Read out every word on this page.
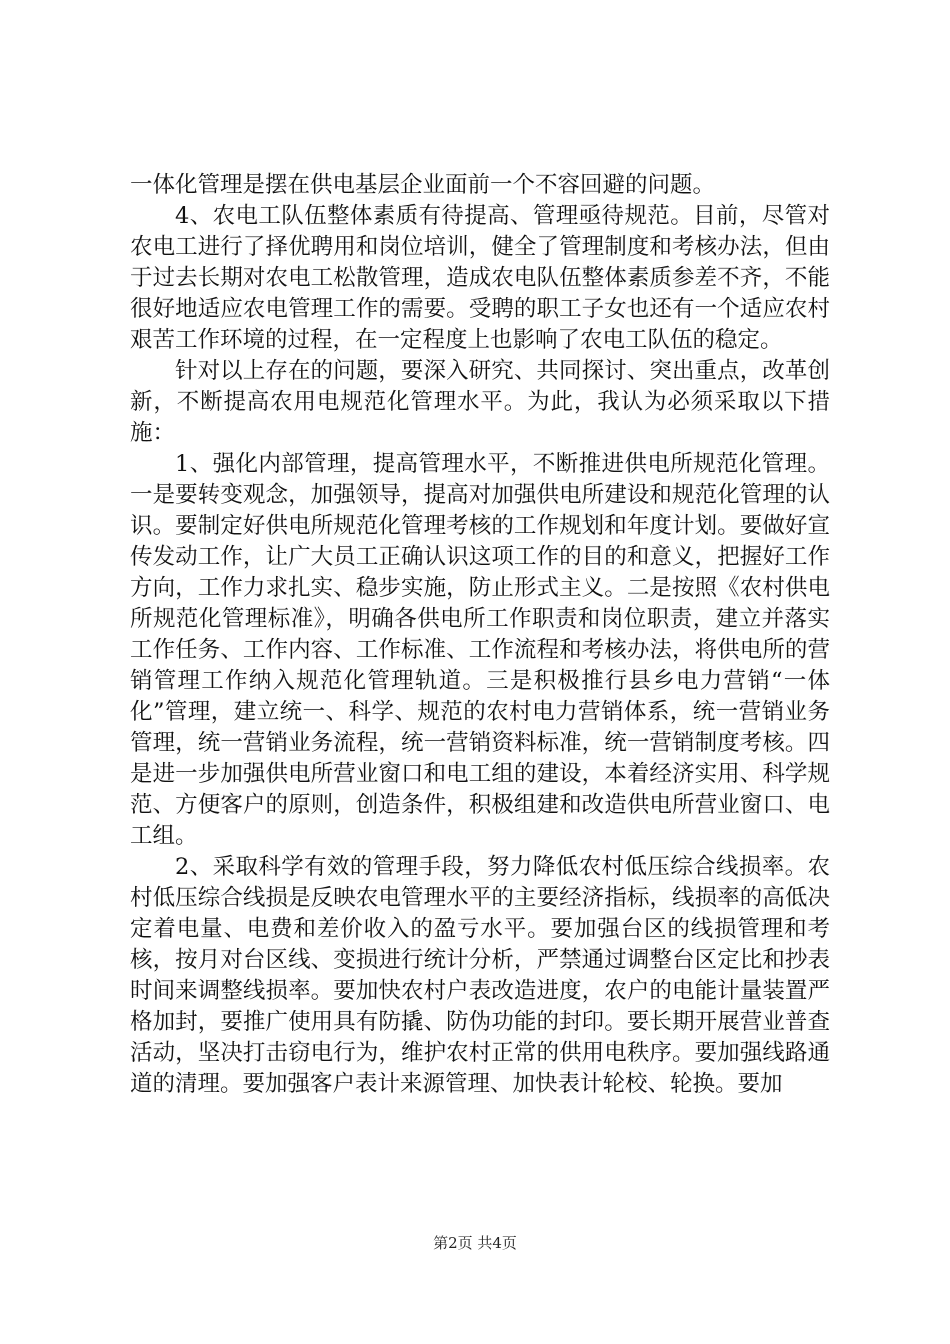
一体化管理是摆在供电基层企业面前一个不容回避的问题。

4、农电工队伍整体素质有待提高、管理亟待规范。目前，尽管对农电工进行了择优聘用和岗位培训，健全了管理制度和考核办法，但由于过去长期对农电工松散管理，造成农电队伍整体素质参差不齐，不能很好地适应农电管理工作的需要。受聘的职工子女也还有一个适应农村艰苦工作环境的过程，在一定程度上也影响了农电工队伍的稳定。

针对以上存在的问题，要深入研究、共同探讨、突出重点，改革创新，不断提高农用电规范化管理水平。为此，我认为必须采取以下措施：

1、强化内部管理，提高管理水平，不断推进供电所规范化管理。一是要转变观念，加强领导，提高对加强供电所建设和规范化管理的认识。要制定好供电所规范化管理考核的工作规划和年度计划。要做好宣传发动工作，让广大员工正确认识这项工作的目的和意义，把握好工作方向，工作力求扎实、稳步实施，防止形式主义。二是按照《农村供电所规范化管理标准》，明确各供电所工作职责和岗位职责，建立并落实工作任务、工作内容、工作标准、工作流程和考核办法，将供电所的营销管理工作纳入规范化管理轨道。三是积极推行县乡电力营销“一体化”管理，建立统一、科学、规范的农村电力营销体系，统一营销业务管理，统一营销业务流程，统一营销资料标准，统一营销制度考核。四是进一步加强供电所营业窗口和电工组的建设，本着经济实用、科学规范、方便客户的原则，创造条件，积极组建和改造供电所营业窗口、电工组。

2、采取科学有效的管理手段，努力降低农村低压综合线损率。农村低压综合线损是反映农电管理水平的主要经济指标，线损率的高低决定着电量、电费和差价收入的盈亏水平。要加强台区的线损管理和考核，按月对台区线、变损进行统计分析，严禁通过调整台区定比和抄表时间来调整线损率。要加快农村户表改造进度，农户的电能计量装置严格加封，要推广使用具有防撬、防伪功能的封印。要长期开展营业普查活动，坚决打击窃电行为，维护农村正常的供用电秩序。要加强线路通道的清理。要加强客户表计来源管理、加快表计轮校、轮换。要加

第2页 共4页
